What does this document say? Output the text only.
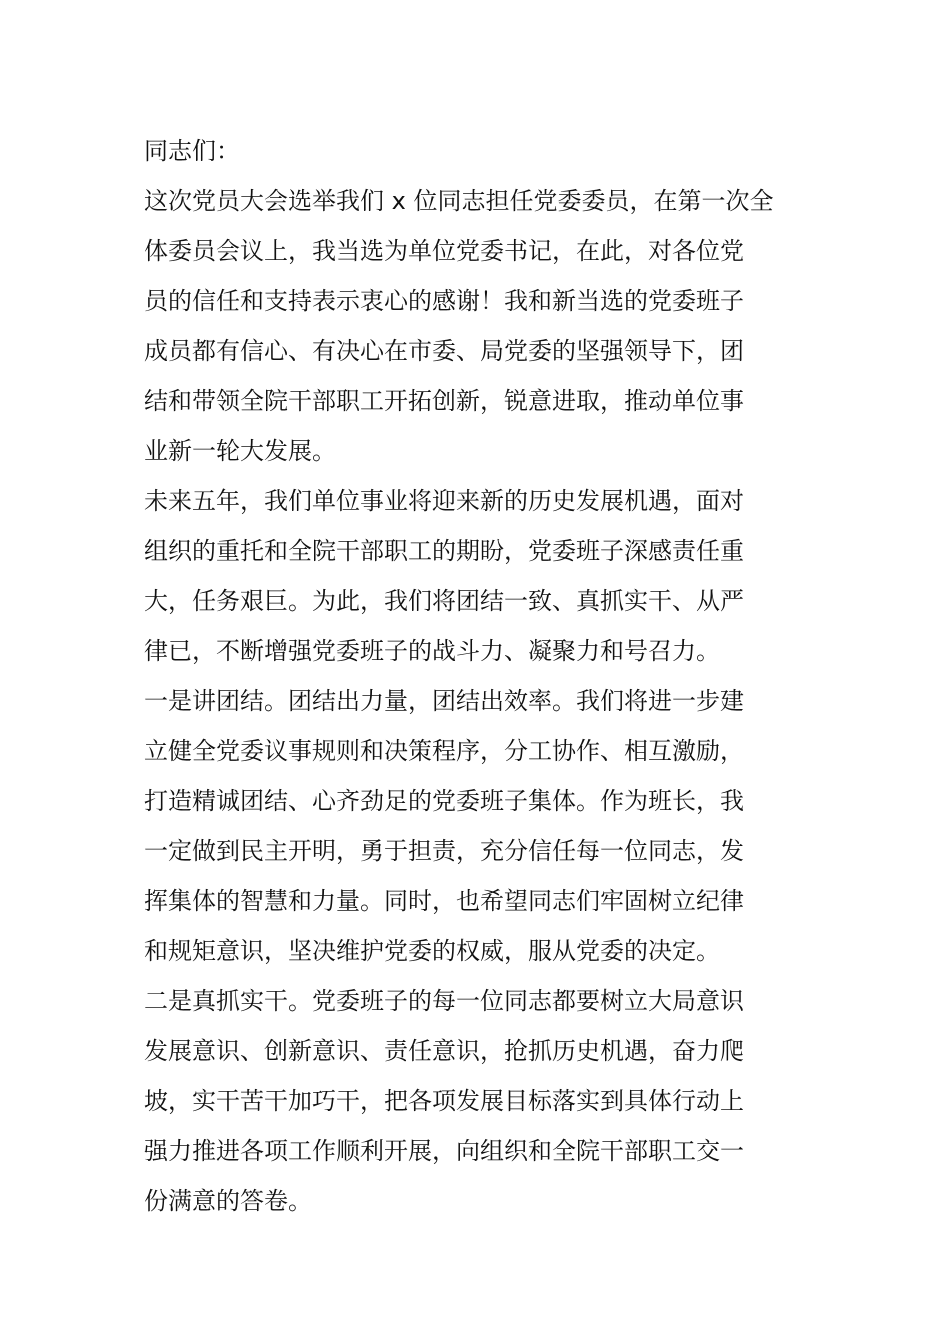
同志们：
这次党员大会选举我们 x 位同志担任党委委员，在第一次全
体委员会议上，我当选为单位党委书记，在此，对各位党
员的信任和支持表示衷心的感谢！我和新当选的党委班子
成员都有信心、有决心在市委、局党委的坚强领导下，团
结和带领全院干部职工开拓创新，锐意进取，推动单位事
业新一轮大发展。
未来五年，我们单位事业将迎来新的历史发展机遇，面对
组织的重托和全院干部职工的期盼，党委班子深感责任重
大，任务艰巨。为此，我们将团结一致、真抓实干、从严
律已，不断增强党委班子的战斗力、凝聚力和号召力。
一是讲团结。团结出力量，团结出效率。我们将进一步建
立健全党委议事规则和决策程序，分工协作、相互激励，
打造精诚团结、心齐劲足的党委班子集体。作为班长，我
一定做到民主开明，勇于担责，充分信任每一位同志，发
挥集体的智慧和力量。同时，也希望同志们牢固树立纪律
和规矩意识，坚决维护党委的权威，服从党委的决定。
二是真抓实干。党委班子的每一位同志都要树立大局意识
发展意识、创新意识、责任意识，抢抓历史机遇，奋力爬
坡，实干苦干加巧干，把各项发展目标落实到具体行动上
强力推进各项工作顺利开展，向组织和全院干部职工交一
份满意的答卷。
